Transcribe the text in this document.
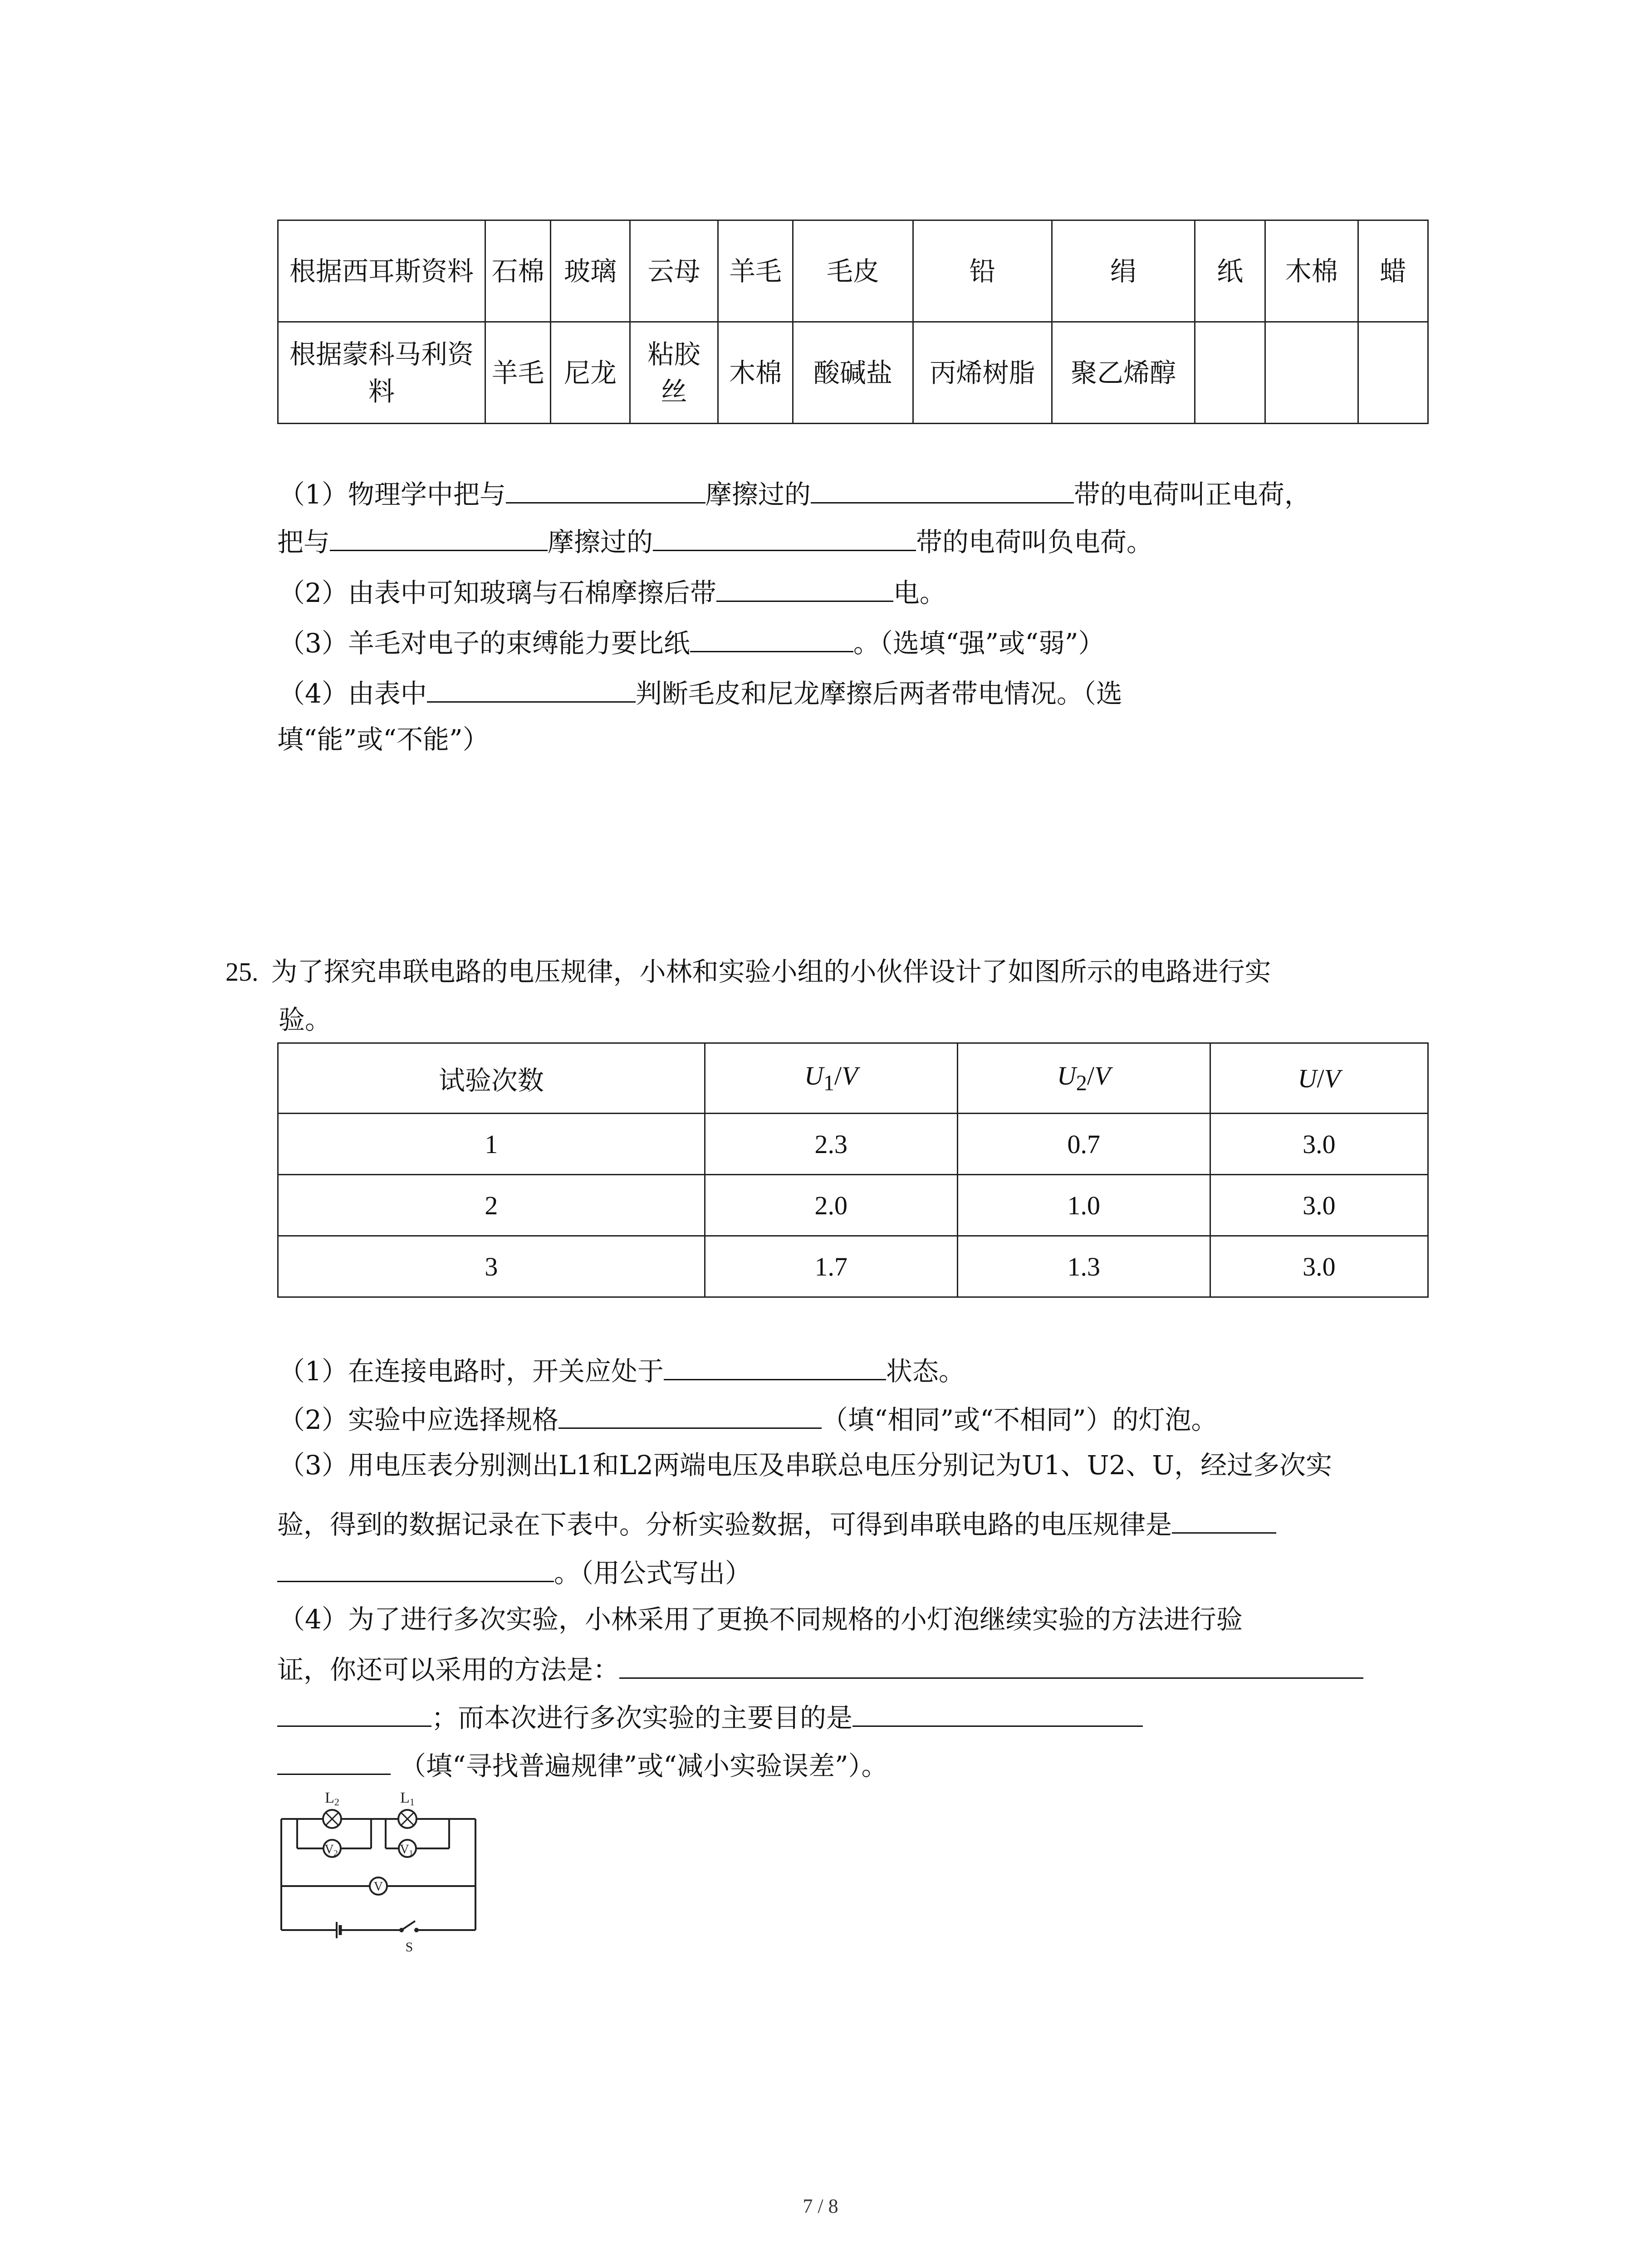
根据西耳斯资料	石棉	玻璃	云母	羊毛	毛皮	铅	绢	纸	木棉	蜡
根据蒙科马利资料	羊毛	尼龙	粘胶丝	木棉	酸碱盐	丙烯树脂	聚乙烯醇			
（1）物理学中把与	摩擦过的	带的电荷叫正电荷，
把与	摩擦过的	带的电荷叫负电荷。
（2）由表中可知玻璃与石棉摩擦后带	电。
（3）羊毛对电子的束缚能力要比纸	。（选填“强”或“弱”）
（4）由表中	判断毛皮和尼龙摩擦后两者带电情况。（选
填“能”或“不能”）
25. 为了探究串联电路的电压规律，小林和实验小组的小伙伴设计了如图所示的电路进行实
验。
试验次数	$U_1/V$	$U_2/V$	U/V
1	2.3	0.7	3.0
2	2.0	1.0	3.0
3	1.7	1.3	3.0
（1）在连接电路时，开关应处于	状态。
（2）实验中应选择规格	（填“相同”或“不相同”）的灯泡。
（3）用电压表分别测出L1和L2两端电压及串联总电压分别记为U1、U2、U，经过多次实
验，得到的数据记录在下表中。分析实验数据，可得到串联电路的电压规律是
。（用公式写出）
（4）为了进行多次实验，小林采用了更换不同规格的小灯泡继续实验的方法进行验
证，你还可以采用的方法是：
；而本次进行多次实验的主要目的是
（填“寻找普遍规律”或“减小实验误差”）。
L2	L1
V2	V1
V
S
7 / 8
